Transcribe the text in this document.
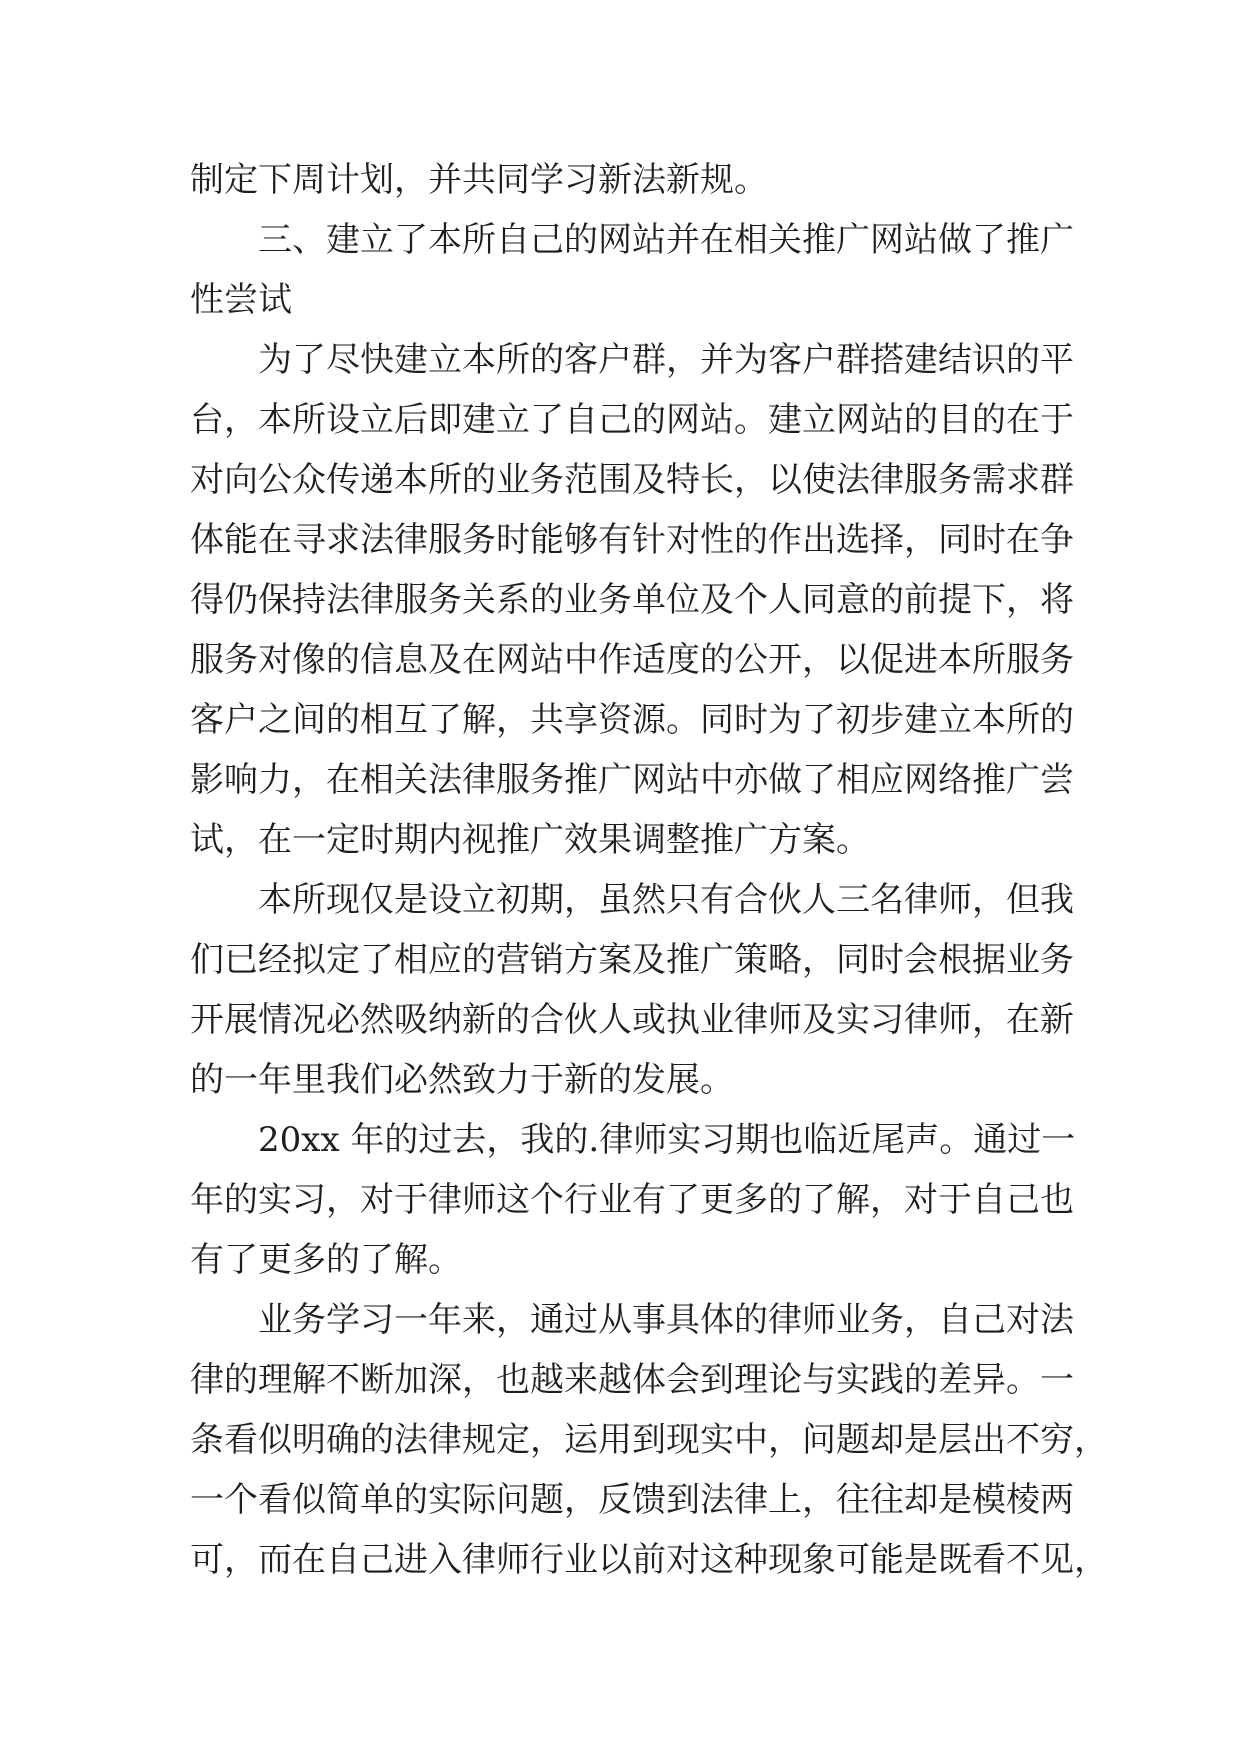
制定下周计划，并共同学习新法新规。
三、建立了本所自己的网站并在相关推广网站做了推广
性尝试
为了尽快建立本所的客户群，并为客户群搭建结识的平
台，本所设立后即建立了自己的网站。建立网站的目的在于
对向公众传递本所的业务范围及特长，以使法律服务需求群
体能在寻求法律服务时能够有针对性的作出选择，同时在争
得仍保持法律服务关系的业务单位及个人同意的前提下，将
服务对像的信息及在网站中作适度的公开，以促进本所服务
客户之间的相互了解，共享资源。同时为了初步建立本所的
影响力，在相关法律服务推广网站中亦做了相应网络推广尝
试，在一定时期内视推广效果调整推广方案。
本所现仅是设立初期，虽然只有合伙人三名律师，但我
们已经拟定了相应的营销方案及推广策略，同时会根据业务
开展情况必然吸纳新的合伙人或执业律师及实习律师，在新
的一年里我们必然致力于新的发展。
20xx 年的过去，我的.律师实习期也临近尾声。通过一
年的实习，对于律师这个行业有了更多的了解，对于自己也
有了更多的了解。
业务学习一年来，通过从事具体的律师业务，自己对法
律的理解不断加深，也越来越体会到理论与实践的差异。一
条看似明确的法律规定，运用到现实中，问题却是层出不穷，
一个看似简单的实际问题，反馈到法律上，往往却是模棱两
可，而在自己进入律师行业以前对这种现象可能是既看不见，
